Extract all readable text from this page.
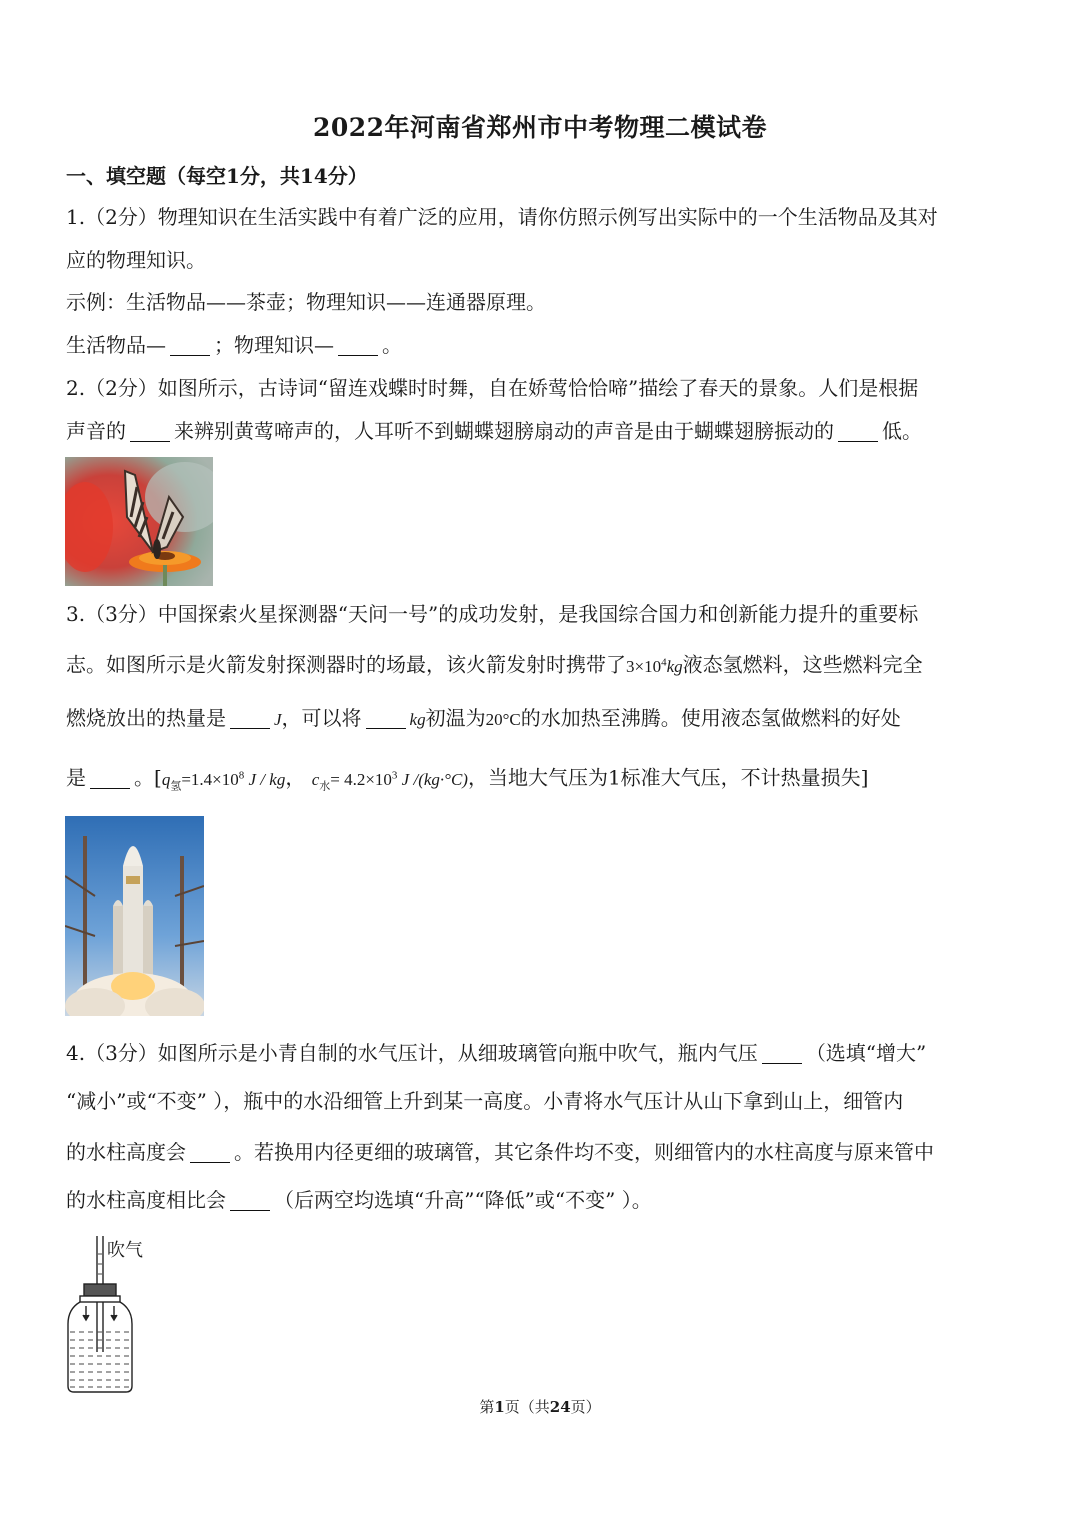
2022年河南省郑州市中考物理二模试卷
一、填空题（每空1分，共14分）
1.（2分）物理知识在生活实践中有着广泛的应用，请你仿照示例写出实际中的一个生活物品及其对
应的物理知识。
示例：生活物品——茶壶；物理知识——连通器原理。
生活物品— ；物理知识— 。
2.（2分）如图所示，古诗词“留连戏蝶时时舞，自在娇莺恰恰啼”描绘了春天的景象。人们是根据
声音的 来辨别黄莺啼声的，人耳听不到蝴蝶翅膀扇动的声音是由于蝴蝶翅膀振动的 低。
3.（3分）中国探索火星探测器“天问一号”的成功发射，是我国综合国力和创新能力提升的重要标
志。如图所示是火箭发射探测器时的场最，该火箭发射时携带了$3\times 10^4kg$液态氢燃料，这些燃料完全
燃烧放出的热量是	J，可以将	kg初温为20°C的水加热至沸腾。使用液态氢做燃料的好处
是 。[$q_氢=1.4\times 10^8$ J / kg， $c_水= 4.2\times 10^3$ J /(kg·°C)，当地大气压为1标准大气压，不计热量损失]
4.（3分）如图所示是小青自制的水气压计，从细玻璃管向瓶中吹气，瓶内气压 （选填“增大”
“减小”或“不变” ），瓶中的水沿细管上升到某一高度。小青将水气压计从山下拿到山上，细管内
的水柱高度会 。若换用内径更细的玻璃管，其它条件均不变，则细管内的水柱高度与原来管中
的水柱高度相比会 （后两空均选填“升高”“降低”或“不变” ）。
吹气
第1页（共24页）
